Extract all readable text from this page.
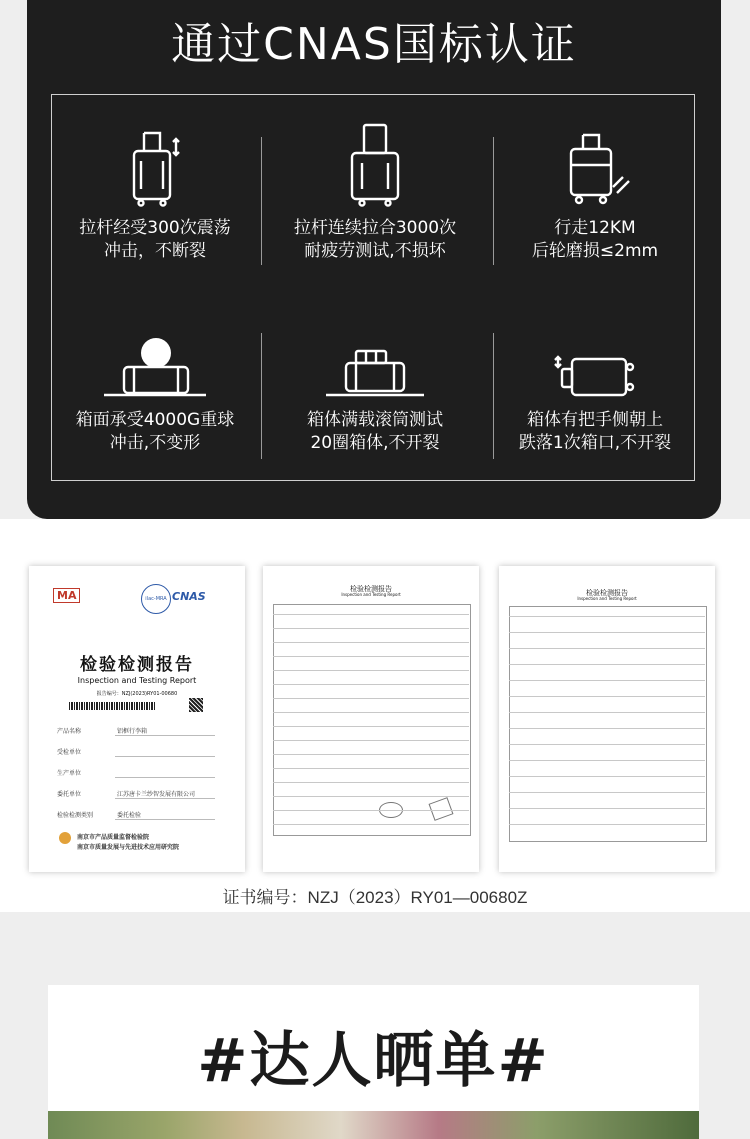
通过CNAS国标认证
拉杆经受300次震荡
冲击，不断裂
拉杆连续拉合3000次
耐疲劳测试,不损坏
行走12KM
后轮磨损≤2mm
箱面承受4000G重球
冲击,不变形
箱体满载滚筒测试
20圈箱体,不开裂
箱体有把手侧朝上
跌落1次箱口,不开裂
MA	ilac-MRA CNAS
检验检测报告
Inspection and Testing Report
报告编号：NZJ(2023)RY01-00680
南京市产品质量监督检验院
南京市质量发展与先进技术应用研究院
产品名称	铝框行李箱
受检单位
生产单位
委托单位	江苏唐卡兰纱智发展有限公司
检验检测类别	委托检验
检验检测报告
Inspection and Testing Report	检验检测报告
Inspection and Testing Report
证书编号：NZJ（2023）RY01—00680Z
#达人晒单#
